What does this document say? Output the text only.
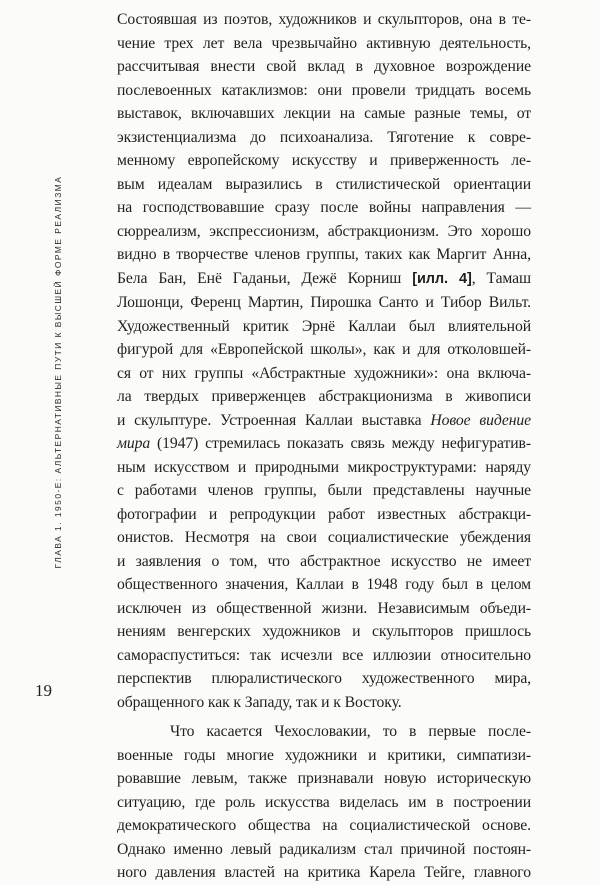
ГЛАВА 1. 1950-Е: АЛЬТЕРНАТИВНЫЕ ПУТИ К ВЫСШЕЙ ФОРМЕ РЕАЛИЗМА
19
Состоявшая из поэтов, художников и скульпторов, она в те-
чение трех лет вела чрезвычайно активную деятельность,
рассчитывая внести свой вклад в духовное возрождение
послевоенных катаклизмов: они провели тридцать восемь
выставок, включавших лекции на самые разные темы, от
экзистенциализма до психоанализа. Тяготение к совре-
менному европейскому искусству и приверженность ле-
вым идеалам выразились в стилистической ориентации
на господствовавшие сразу после войны направления —
сюрреализм, экспрессионизм, абстракционизм. Это хорошо
видно в творчестве членов группы, таких как Маргит Анна,
Бела Бан, Енё Гаданьи, Дежё Корниш [илл. 4], Тамаш
Лошонци, Ференц Мартин, Пирошка Санто и Тибор Вильт.
Художественный критик Эрнё Каллаи был влиятельной
фигурой для «Европейской школы», как и для отколовшей-
ся от них группы «Абстрактные художники»: она включа-
ла твердых приверженцев абстракционизма в живописи
и скульптуре. Устроенная Каллаи выставка Новое видение
мира (1947) стремилась показать связь между нефигуратив-
ным искусством и природными микроструктурами: наряду
с работами членов группы, были представлены научные
фотографии и репродукции работ известных абстракци-
онистов. Несмотря на свои социалистические убеждения
и заявления о том, что абстрактное искусство не имеет
общественного значения, Каллаи в 1948 году был в целом
исключен из общественной жизни. Независимым объеди-
нениям венгерских художников и скульпторов пришлось
самораспуститься: так исчезли все иллюзии относительно
перспектив плюралистического художественного мира,
обращенного как к Западу, так и к Востоку.
Что касается Чехословакии, то в первые после-
военные годы многие художники и критики, симпатизи-
ровавшие левым, также признавали новую историческую
ситуацию, где роль искусства виделась им в построении
демократического общества на социалистической основе.
Однако именно левый радикализм стал причиной постоян-
ного давления властей на критика Карела Тейге, главного
